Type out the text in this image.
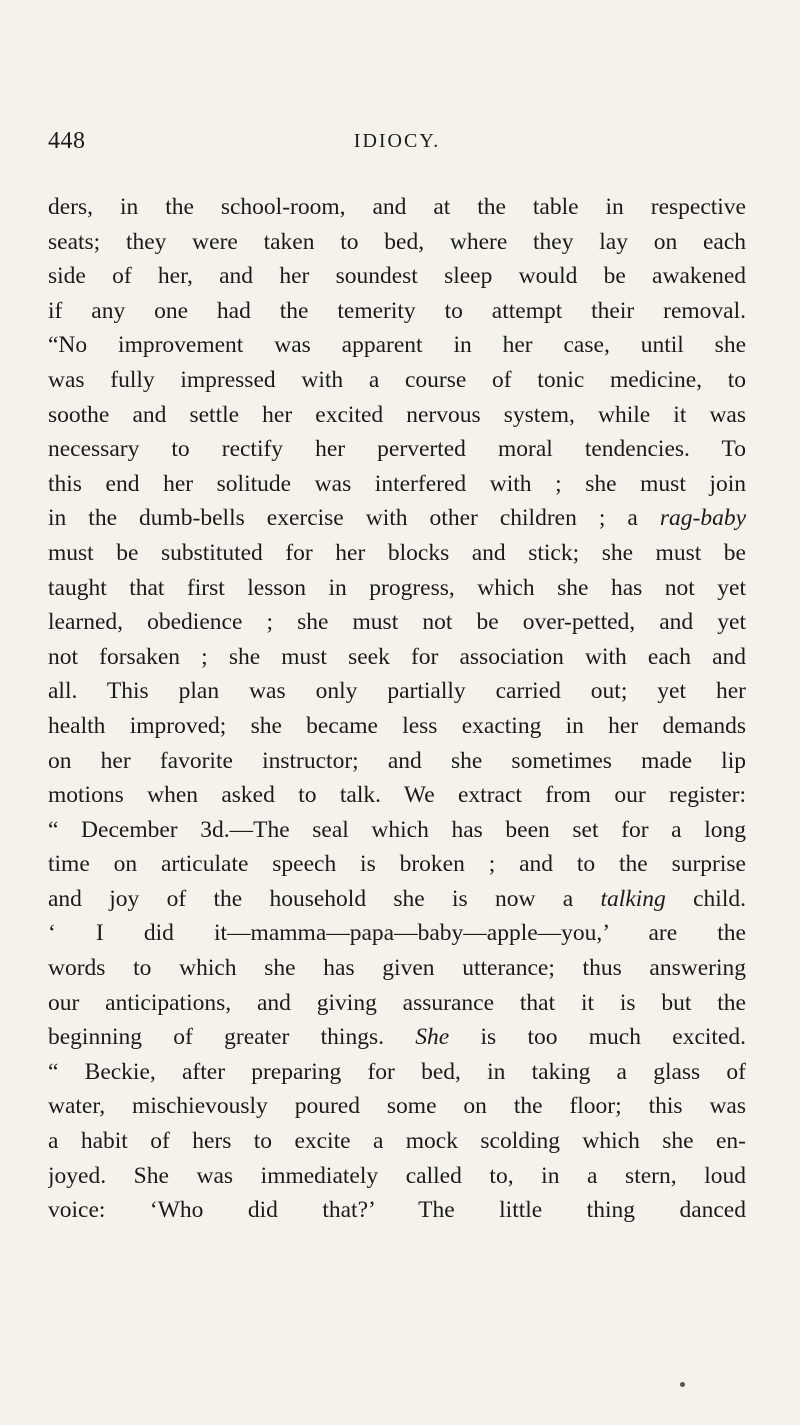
448	IDIOCY.
ders, in the school-room, and at the table in respective
seats; they were taken to bed, where they lay on each
side of her, and her soundest sleep would be awakened
if any one had the temerity to attempt their removal.
“No improvement was apparent in her case, until she
was fully impressed with a course of tonic medicine, to
soothe and settle her excited nervous system, while it was
necessary to rectify her perverted moral tendencies. To
this end her solitude was interfered with ; she must join
in the dumb-bells exercise with other children ; a rag-baby
must be substituted for her blocks and stick; she must be
taught that first lesson in progress, which she has not yet
learned, obedience ; she must not be over-petted, and yet
not forsaken ; she must seek for association with each and
all. This plan was only partially carried out; yet her
health improved; she became less exacting in her demands
on her favorite instructor; and she sometimes made lip
motions when asked to talk. We extract from our register:
“ December 3d.—The seal which has been set for a long
time on articulate speech is broken ; and to the surprise
and joy of the household she is now a talking child.
‘ I did it—mamma—papa—baby—apple—you,’ are the
words to which she has given utterance; thus answering
our anticipations, and giving assurance that it is but the
beginning of greater things. She is too much excited.
“ Beckie, after preparing for bed, in taking a glass of
water, mischievously poured some on the floor; this was
a habit of hers to excite a mock scolding which she en-
joyed. She was immediately called to, in a stern, loud
voice: ‘Who did that?’ The little thing danced
